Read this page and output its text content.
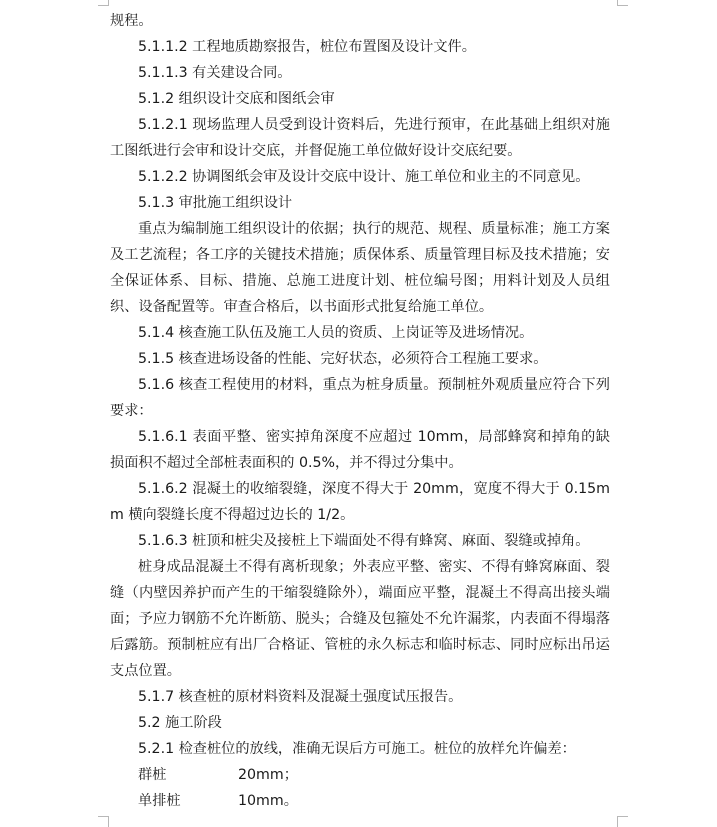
规程。

5.1.1.2 工程地质勘察报告，桩位布置图及设计文件。

5.1.1.3 有关建设合同。

5.1.2 组织设计交底和图纸会审

5.1.2.1 现场监理人员受到设计资料后，先进行预审，在此基础上组织对施工图纸进行会审和设计交底，并督促施工单位做好设计交底纪要。

5.1.2.2 协调图纸会审及设计交底中设计、施工单位和业主的不同意见。

5.1.3 审批施工组织设计

重点为编制施工组织设计的依据；执行的规范、规程、质量标准；施工方案及工艺流程；各工序的关键技术措施；质保体系、质量管理目标及技术措施；安全保证体系、目标、措施、总施工进度计划、桩位编号图；用料计划及人员组织、设备配置等。审查合格后，以书面形式批复给施工单位。

5.1.4 核查施工队伍及施工人员的资质、上岗证等及进场情况。

5.1.5 核查进场设备的性能、完好状态，必须符合工程施工要求。

5.1.6 核查工程使用的材料，重点为桩身质量。预制桩外观质量应符合下列要求：

5.1.6.1 表面平整、密实掉角深度不应超过 10mm，局部蜂窝和掉角的缺损面积不超过全部桩表面积的 0.5%，并不得过分集中。

5.1.6.2 混凝土的收缩裂缝，深度不得大于 20mm，宽度不得大于 0.15mm 横向裂缝长度不得超过边长的 1/2。

5.1.6.3 桩顶和桩尖及接桩上下端面处不得有蜂窝、麻面、裂缝或掉角。

桩身成品混凝土不得有离析现象；外表应平整、密实、不得有蜂窝麻面、裂缝（内壁因养护而产生的干缩裂缝除外），端面应平整，混凝土不得高出接头端面；予应力钢筋不允许断筋、脱头；合缝及包箍处不允许漏浆，内表面不得塌落后露筋。预制桩应有出厂合格证、管桩的永久标志和临时标志、同时应标出吊运支点位置。

5.1.7 核查桩的原材料资料及混凝土强度试压报告。

5.2 施工阶段

5.2.1 检查桩位的放线，准确无误后方可施工。桩位的放样允许偏差：

群桩	20mm；
单排桩	10mm。
